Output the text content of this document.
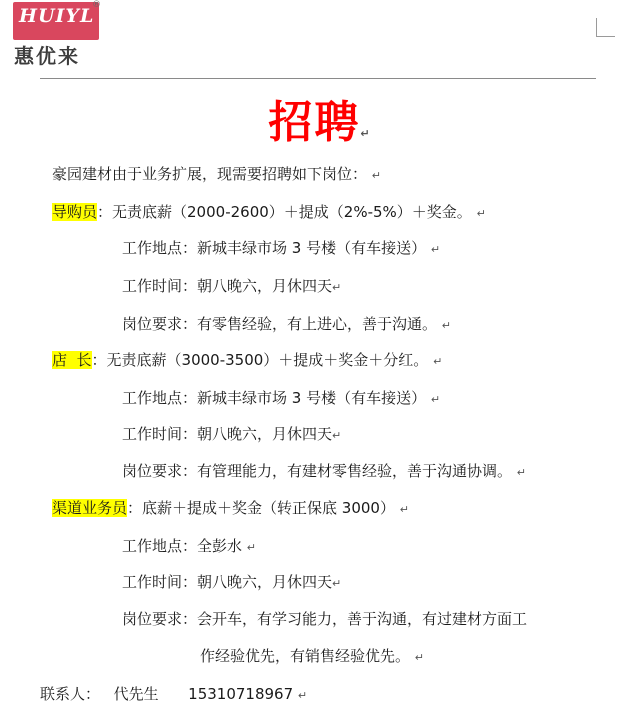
HUIYL
®
惠优来
招聘↵
豪园建材由于业务扩展，现需要招聘如下岗位： ↵
导购员：无责底薪（2000-2600）＋提成（2%-5%）＋奖金。 ↵
工作地点：新城丰绿市场 3 号楼（有车接送） ↵
工作时间：朝八晚六，月休四天↵
岗位要求：有零售经验，有上进心，善于沟通。 ↵
店  长：无责底薪（3000-3500）＋提成＋奖金＋分红。 ↵
工作地点：新城丰绿市场 3 号楼（有车接送） ↵
工作时间：朝八晚六，月休四天↵
岗位要求：有管理能力，有建材零售经验，善于沟通协调。 ↵
渠道业务员：底薪＋提成＋奖金（转正保底 3000） ↵
工作地点：全彭水 ↵
工作时间：朝八晚六，月休四天↵
岗位要求：会开车，有学习能力，善于沟通，有过建材方面工
作经验优先，有销售经验优先。 ↵
联系人： 代先生 15310718967 ↵
